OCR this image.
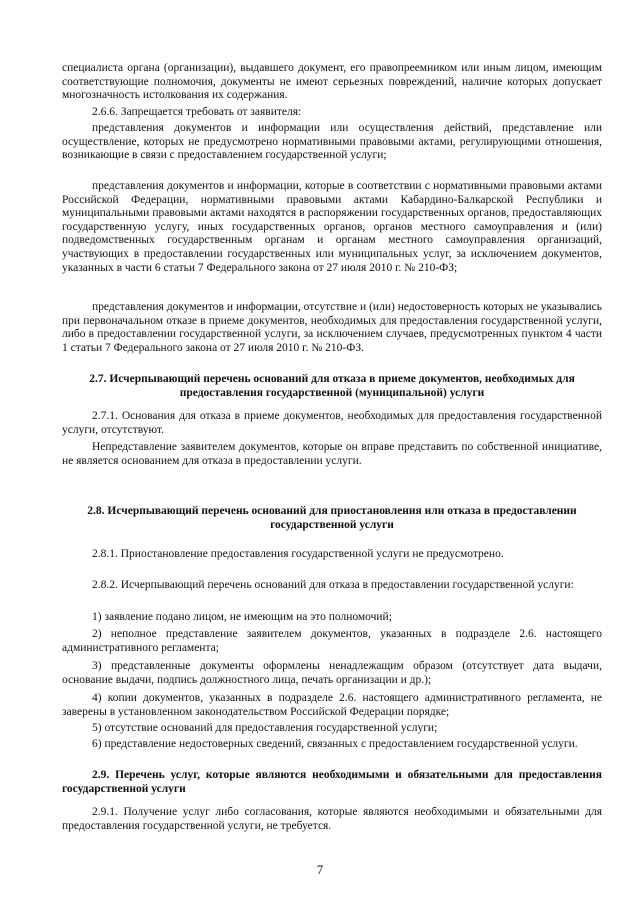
специалиста органа (организации), выдавшего документ, его правопреемником или иным лицом, имеющим соответствующие полномочия, документы не имеют серьезных повреждений, наличие которых допускает многозначность истолкования их содержания.

2.6.6. Запрещается требовать от заявителя:

представления документов и информации или осуществления действий, представление или осуществление, которых не предусмотрено нормативными правовыми актами, регулирующими отношения, возникающие в связи с предоставлением государственной услуги;

представления документов и информации, которые в соответствии с нормативными правовыми актами Российской Федерации, нормативными правовыми актами Кабардино-Балкарской Республики и муниципальными правовыми актами находятся в распоряжении государственных органов, предоставляющих государственную услугу, иных государственных органов, органов местного самоуправления и (или) подведомственных государственным органам и органам местного самоуправления организаций, участвующих в предоставлении государственных или муниципальных услуг, за исключением документов, указанных в части 6 статьи 7 Федерального закона от 27 июля 2010 г. № 210-ФЗ;

представления документов и информации, отсутствие и (или) недостоверность которых не указывались при первоначальном отказе в приеме документов, необходимых для предоставления государственной услуги, либо в предоставлении государственной услуги, за исключением случаев, предусмотренных пунктом 4 части 1 статьи 7 Федерального закона от 27 июля 2010 г. № 210-ФЗ.

2.7. Исчерпывающий перечень оснований для отказа в приеме документов, необходимых для предоставления государственной (муниципальной) услуги

2.7.1. Основания для отказа в приеме документов, необходимых для предоставления государственной услуги, отсутствуют.

Непредставление заявителем документов, которые он вправе представить по собственной инициативе, не является основанием для отказа в предоставлении услуги.

2.8. Исчерпывающий перечень оснований для приостановления или отказа в предоставлении государственной услуги

2.8.1. Приостановление предоставления государственной услуги не предусмотрено.

2.8.2. Исчерпывающий перечень оснований для отказа в предоставлении государственной услуги:

1) заявление подано лицом, не имеющим на это полномочий;

2) неполное представление заявителем документов, указанных в подразделе 2.6. настоящего административного регламента;

3) представленные документы оформлены ненадлежащим образом (отсутствует дата выдачи, основание выдачи, подпись должностного лица, печать организации и др.);

4) копии документов, указанных в подразделе 2.6. настоящего административного регламента, не заверены в установленном законодательством Российской Федерации порядке;

5) отсутствие оснований для предоставления государственной услуги;

6) представление недостоверных сведений, связанных с предоставлением государственной услуги.

2.9. Перечень услуг, которые являются необходимыми и обязательными для предоставления государственной услуги

2.9.1. Получение услуг либо согласования, которые являются необходимыми и обязательными для предоставления государственной услуги, не требуется.

7
